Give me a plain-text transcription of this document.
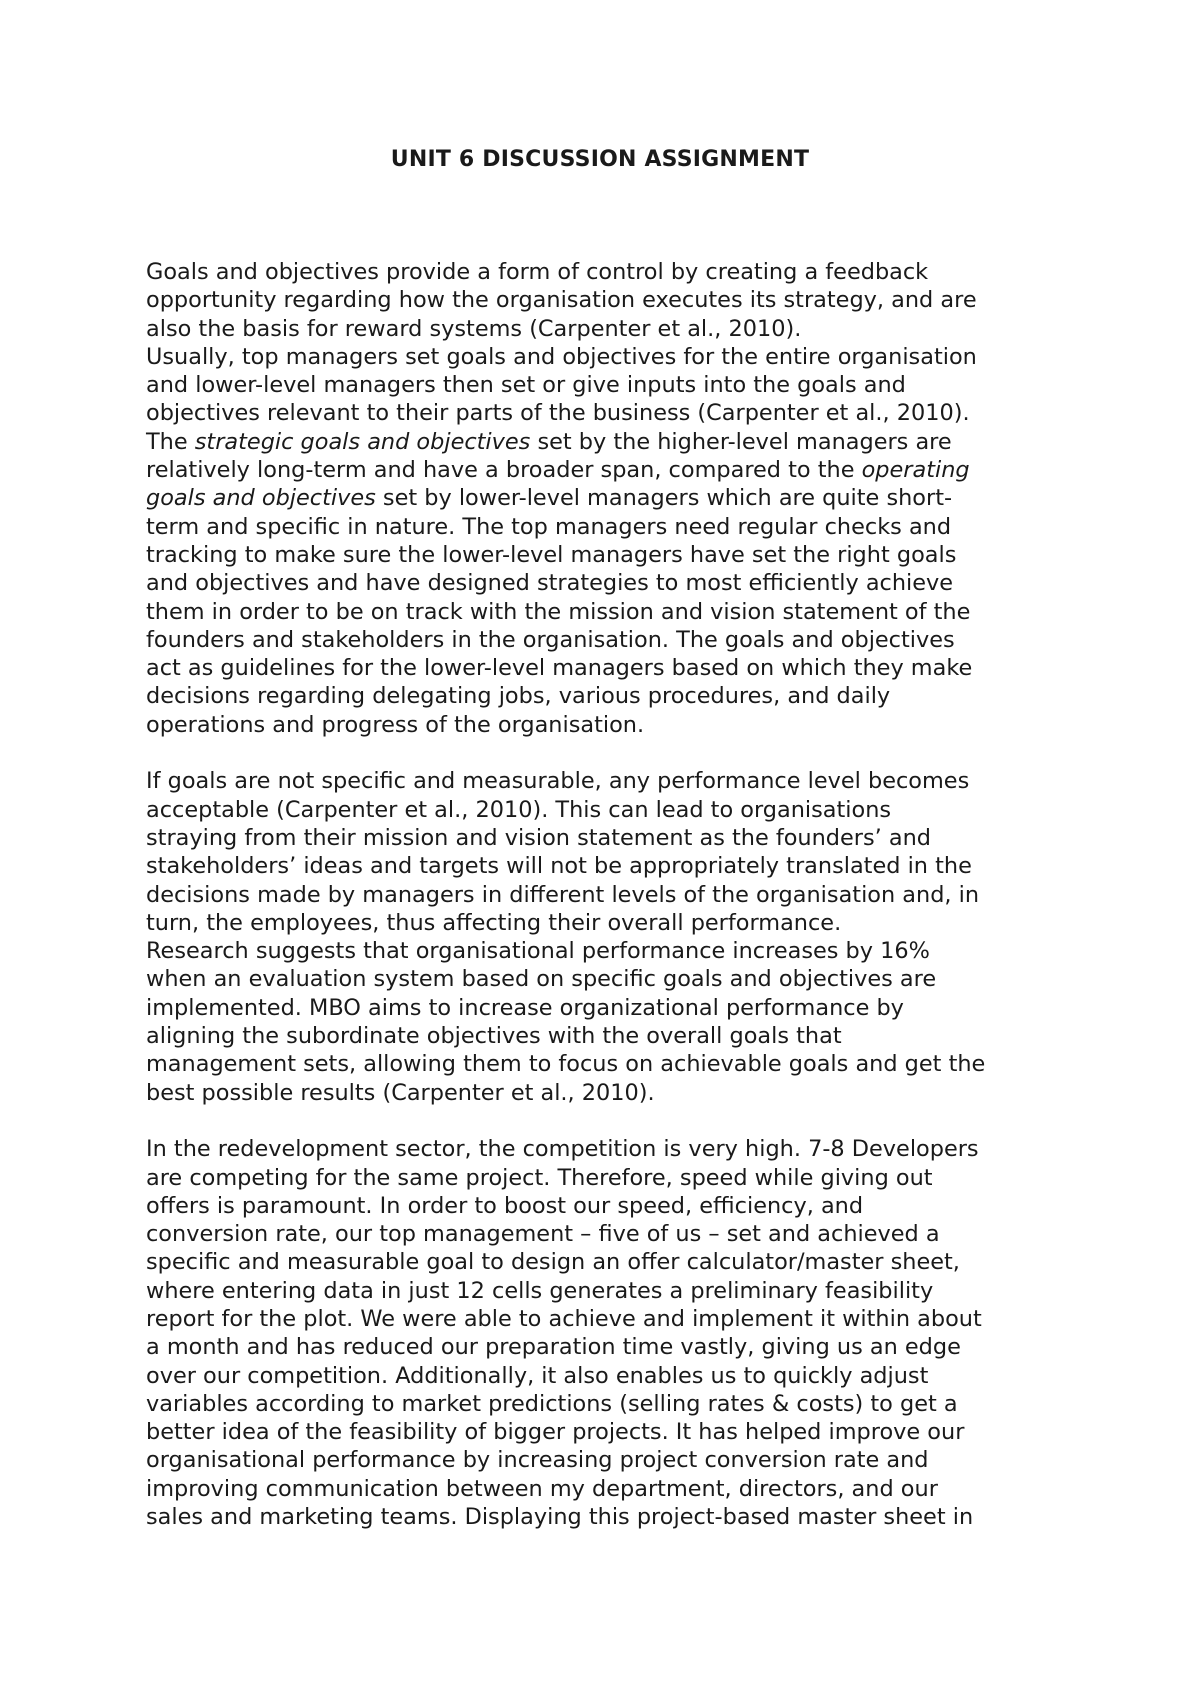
UNIT 6 DISCUSSION ASSIGNMENT
Goals and objectives provide a form of control by creating a feedback
opportunity regarding how the organisation executes its strategy, and are
also the basis for reward systems (Carpenter et al., 2010).
Usually, top managers set goals and objectives for the entire organisation
and lower-level managers then set or give inputs into the goals and
objectives relevant to their parts of the business (Carpenter et al., 2010).
The strategic goals and objectives set by the higher-level managers are
relatively long-term and have a broader span, compared to the operating
goals and objectives set by lower-level managers which are quite short-
term and specific in nature. The top managers need regular checks and
tracking to make sure the lower-level managers have set the right goals
and objectives and have designed strategies to most efficiently achieve
them in order to be on track with the mission and vision statement of the
founders and stakeholders in the organisation. The goals and objectives
act as guidelines for the lower-level managers based on which they make
decisions regarding delegating jobs, various procedures, and daily
operations and progress of the organisation.
If goals are not specific and measurable, any performance level becomes
acceptable (Carpenter et al., 2010). This can lead to organisations
straying from their mission and vision statement as the founders’ and
stakeholders’ ideas and targets will not be appropriately translated in the
decisions made by managers in different levels of the organisation and, in
turn, the employees, thus affecting their overall performance.
Research suggests that organisational performance increases by 16%
when an evaluation system based on specific goals and objectives are
implemented. MBO aims to increase organizational performance by
aligning the subordinate objectives with the overall goals that
management sets, allowing them to focus on achievable goals and get the
best possible results (Carpenter et al., 2010).
In the redevelopment sector, the competition is very high. 7-8 Developers
are competing for the same project. Therefore, speed while giving out
offers is paramount. In order to boost our speed, efficiency, and
conversion rate, our top management – five of us – set and achieved a
specific and measurable goal to design an offer calculator/master sheet,
where entering data in just 12 cells generates a preliminary feasibility
report for the plot. We were able to achieve and implement it within about
a month and has reduced our preparation time vastly, giving us an edge
over our competition. Additionally, it also enables us to quickly adjust
variables according to market predictions (selling rates & costs) to get a
better idea of the feasibility of bigger projects. It has helped improve our
organisational performance by increasing project conversion rate and
improving communication between my department, directors, and our
sales and marketing teams. Displaying this project-based master sheet in
